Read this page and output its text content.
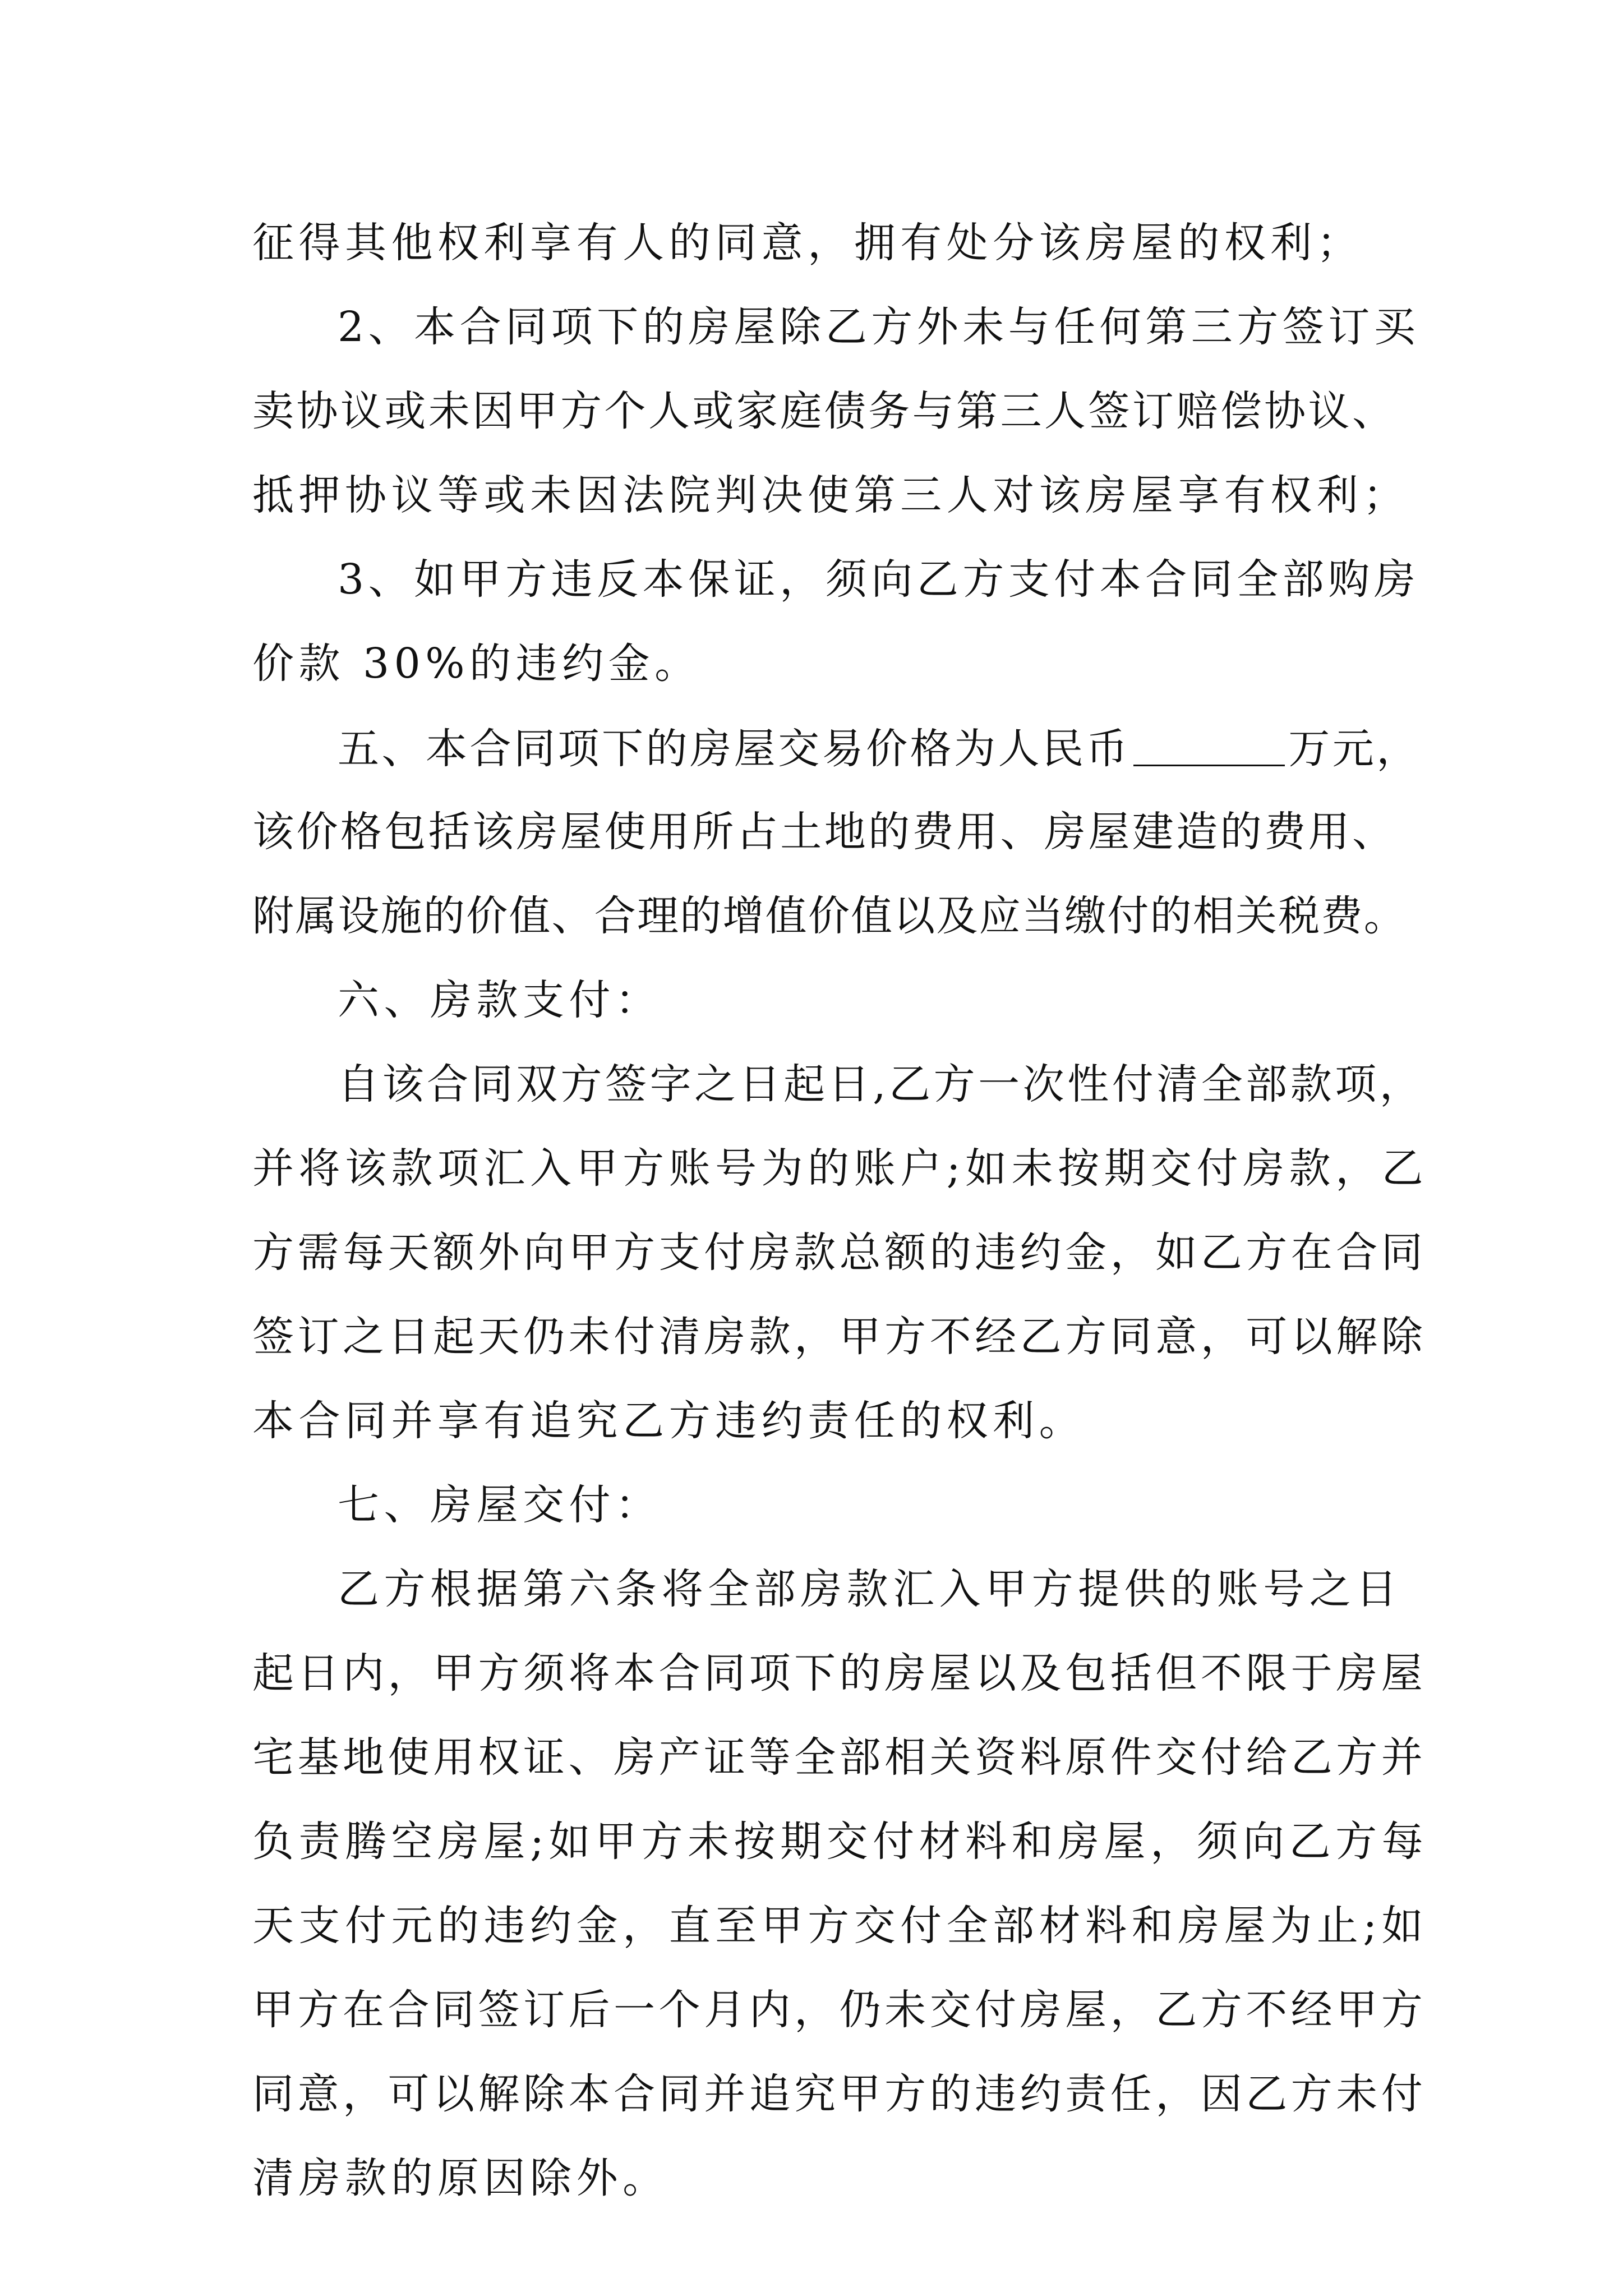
征得其他权利享有人的同意，拥有处分该房屋的权利；

2、本合同项下的房屋除乙方外未与任何第三方签订买

卖协议或未因甲方个人或家庭债务与第三人签订赔偿协议、

抵押协议等或未因法院判决使第三人对该房屋享有权利；

3、如甲方违反本保证，须向乙方支付本合同全部购房

价款 30%的违约金。

五、本合同项下的房屋交易价格为人民币	万元，

该价格包括该房屋使用所占土地的费用、房屋建造的费用、

附属设施的价值、合理的增值价值以及应当缴付的相关税费。

六、房款支付：

自该合同双方签字之日起日,乙方一次性付清全部款项，

并将该款项汇入甲方账号为的账户;如未按期交付房款，乙

方需每天额外向甲方支付房款总额的违约金，如乙方在合同

签订之日起天仍未付清房款，甲方不经乙方同意，可以解除

本合同并享有追究乙方违约责任的权利。

七、房屋交付：

乙方根据第六条将全部房款汇入甲方提供的账号之日

起日内，甲方须将本合同项下的房屋以及包括但不限于房屋

宅基地使用权证、房产证等全部相关资料原件交付给乙方并

负责腾空房屋;如甲方未按期交付材料和房屋，须向乙方每

天支付元的违约金，直至甲方交付全部材料和房屋为止;如

甲方在合同签订后一个月内，仍未交付房屋，乙方不经甲方

同意，可以解除本合同并追究甲方的违约责任，因乙方未付

清房款的原因除外。
